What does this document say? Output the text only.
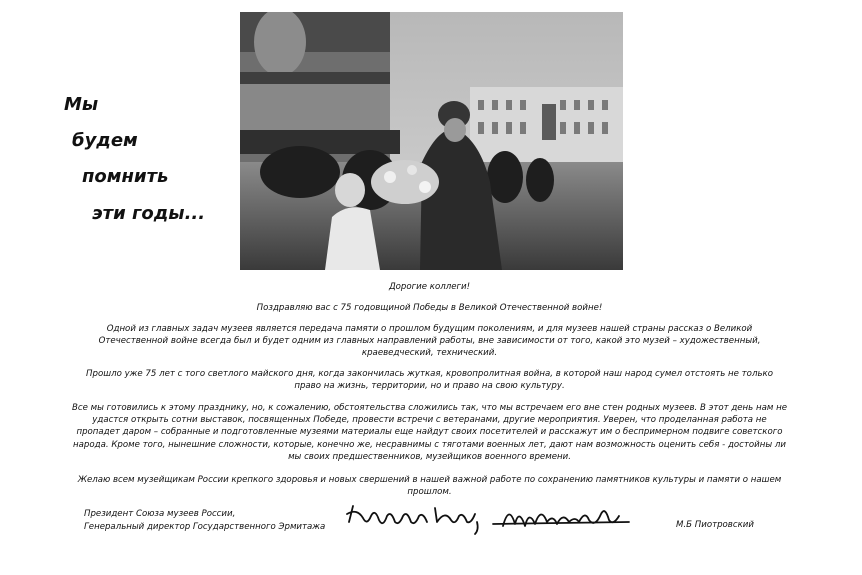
Мы
будем
помнить
эти годы...

Дорогие коллеги!

Поздравляю вас с 75 годовщиной Победы в Великой Отечественной войне!

Одной из главных задач музеев является передача памяти о прошлом будущим поколениям, и для музеев нашей страны рассказ о Великой Отечественной войне всегда был и будет одним из главных направлений работы, вне зависимости от того, какой это музей – художественный, краеведческий, технический.

Прошло уже 75 лет с того светлого майского дня, когда закончилась жуткая, кровопролитная война, в которой наш народ сумел отстоять не только право на жизнь, территории, но и право на свою культуру.

Все мы готовились к этому празднику, но, к сожалению, обстоятельства сложились так, что мы встречаем его вне стен родных музеев. В этот день нам не удастся открыть сотни выставок, посвященных Победе, провести встречи с ветеранами, другие мероприятия. Уверен, что проделанная работа не пропадет даром – собранные и подготовленные музеями материалы еще найдут своих посетителей и расскажут им о беспримерном подвиге советского народа. Кроме того, нынешние сложности, которые, конечно же, несравнимы с тяготами военных лет, дают нам возможность оценить себя - достойны ли мы своих предшественников, музейщиков военного времени.

Желаю всем музейщикам России крепкого здоровья и новых свершений в нашей важной работе по сохранению памятников культуры и памяти о нашем прошлом.

Президент Союза музеев России,
Генеральный директор Государственного Эрмитажа	М.Б Пиотровский
